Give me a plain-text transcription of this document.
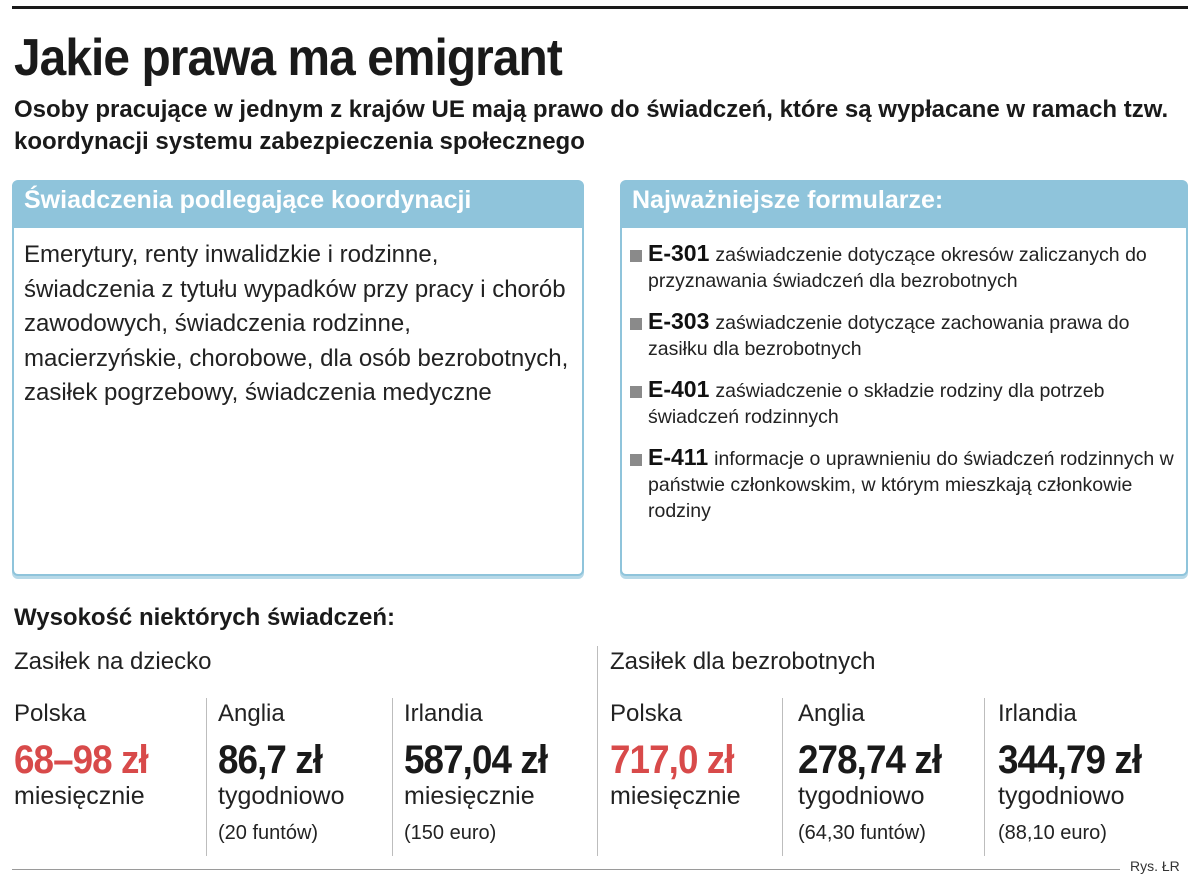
Jakie prawa ma emigrant

Osoby pracujące w jednym z krajów UE mają prawo do świadczeń, które są wypłacane w ramach tzw. koordynacji systemu zabezpieczenia społecznego

Świadczenia podlegające koordynacji
Emerytury, renty inwalidzkie i rodzinne, świadczenia z tytułu wypadków przy pracy i chorób zawodowych, świadczenia rodzinne, macierzyńskie, chorobowe, dla osób bezrobotnych, zasiłek pogrzebowy, świadczenia medyczne
Najważniejsze formularze:
E-301 zaświadczenie dotyczące okresów zaliczanych do przyznawania świadczeń dla bezrobotnych
E-303 zaświadczenie dotyczące zachowania prawa do zasiłku dla bezrobotnych
E-401 zaświadczenie o składzie rodziny dla potrzeb świadczeń rodzinnych
E-411 informacje o uprawnieniu do świadczeń rodzinnych w państwie członkowskim, w którym mieszkają członkowie rodziny
Wysokość niektórych świadczeń:
Zasiłek na dziecko	Zasiłek dla bezrobotnych
Polska
68–98 zł
miesięcznie
Anglia
86,7 zł
tygodniowo
(20 funtów)
Irlandia
587,04 zł
miesięcznie
(150 euro)
Polska
717,0 zł
miesięcznie
Anglia
278,74 zł
tygodniowo
(64,30 funtów)
Irlandia
344,79 zł
tygodniowo
(88,10 euro)
Rys. ŁR
